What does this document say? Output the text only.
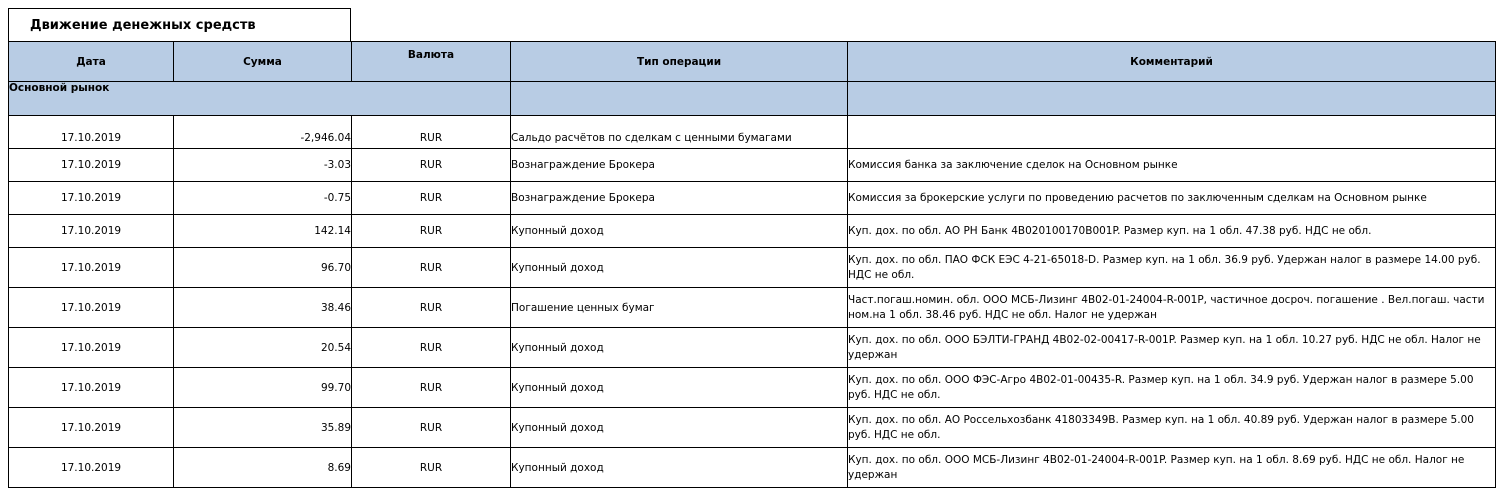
Движение денежных средств
Дата	Сумма	Валюта	Тип операции	Комментарий
Основной рынок				
17.10.2019	-2,946.04	RUR	Сальдо расчётов по сделкам с ценными бумагами	
17.10.2019	-3.03	RUR	Вознаграждение Брокера	Комиссия банка за заключение сделок на Основном рынке
17.10.2019	-0.75	RUR	Вознаграждение Брокера	Комиссия за брокерские услуги по проведению расчетов по заключенным сделкам на Основном рынке
17.10.2019	142.14	RUR	Купонный доход	Куп. дох. по обл. АО РН Банк 4B020100170B001P. Размер куп. на 1 обл. 47.38 руб. НДС не обл.
17.10.2019	96.70	RUR	Купонный доход	Куп. дох. по обл. ПАО ФСК ЕЭС 4-21-65018-D. Размер куп. на 1 обл. 36.9 руб. Удержан налог в размере 14.00 руб. НДС не обл.
17.10.2019	38.46	RUR	Погашение ценных бумаг	Част.погаш.номин. обл. ООО МСБ-Лизинг 4B02-01-24004-R-001P, частичное досроч. погашение . Вел.погаш. части ном.на 1 обл. 38.46 руб. НДС не обл. Налог не удержан
17.10.2019	20.54	RUR	Купонный доход	Куп. дох. по обл. ООО БЭЛТИ-ГРАНД 4B02-02-00417-R-001P. Размер куп. на 1 обл. 10.27 руб. НДС не обл. Налог не удержан
17.10.2019	99.70	RUR	Купонный доход	Куп. дох. по обл. ООО ФЭС-Агро 4B02-01-00435-R. Размер куп. на 1 обл. 34.9 руб. Удержан налог в размере 5.00 руб. НДС не обл.
17.10.2019	35.89	RUR	Купонный доход	Куп. дох. по обл. АО Россельхозбанк 41803349B. Размер куп. на 1 обл. 40.89 руб. Удержан налог в размере 5.00 руб. НДС не обл.
17.10.2019	8.69	RUR	Купонный доход	Куп. дох. по обл. ООО МСБ-Лизинг 4B02-01-24004-R-001P. Размер куп. на 1 обл. 8.69 руб. НДС не обл. Налог не удержан
